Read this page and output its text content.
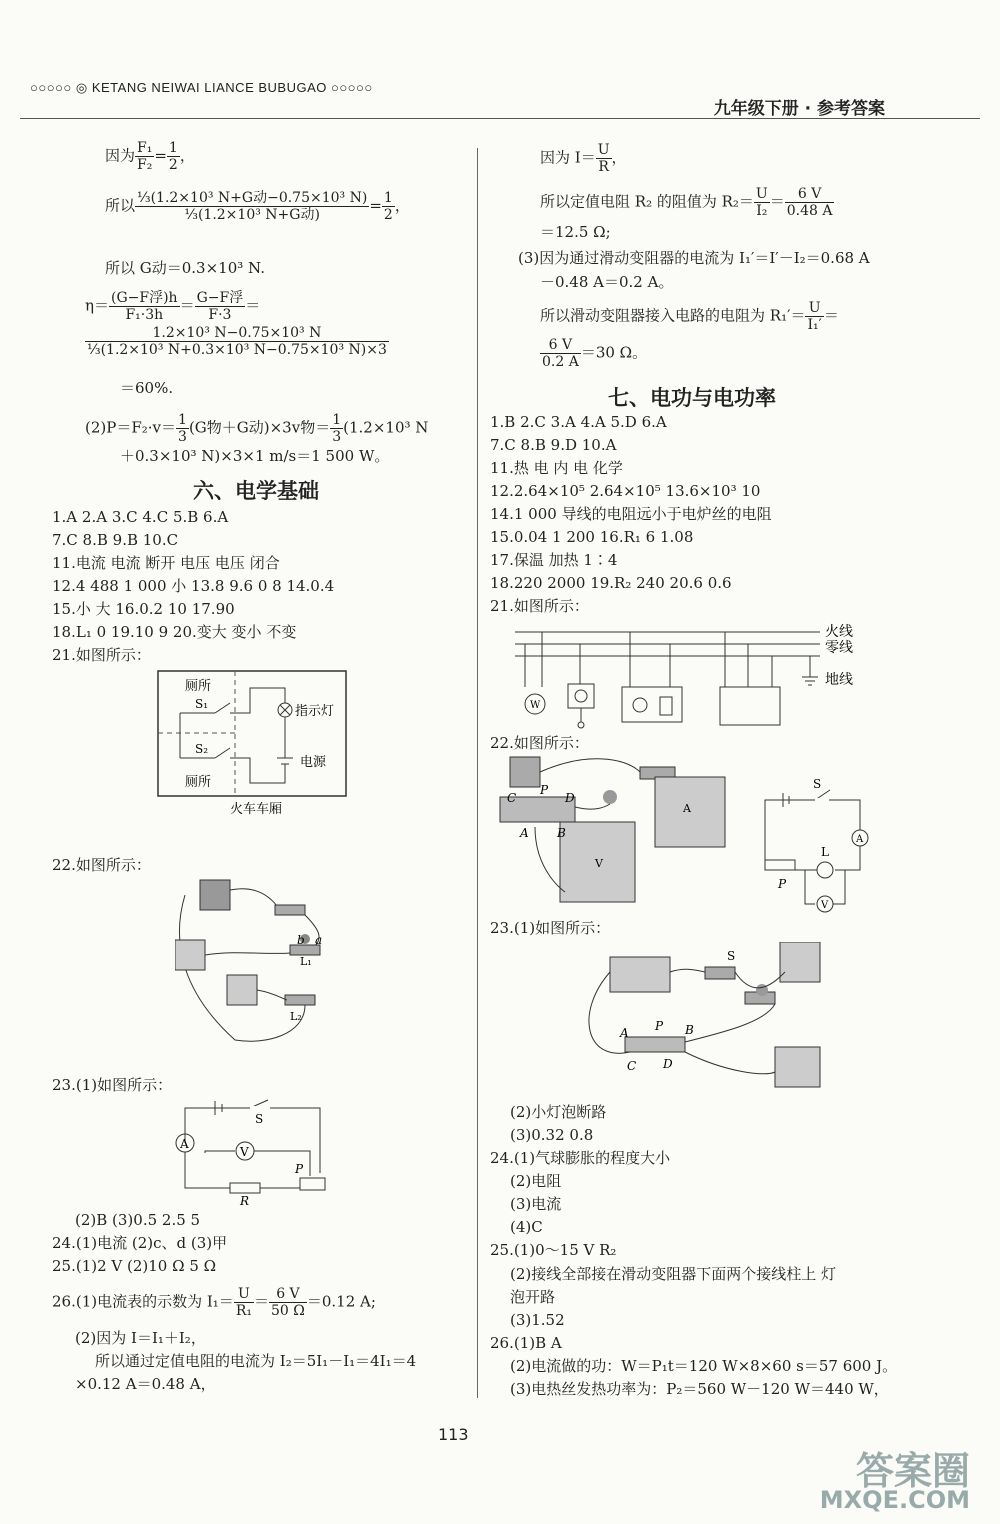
○○○○○ ◎ KETANG NEIWAI LIANCE BUBUGAO ○○○○○
九年级下册 · 参考答案
因为 $\frac{\text{F₁}}{\text{F₂}} = \frac{1}{2}$ ，
所以 $\frac{\text{⅓(1.2×10³ N+G动−0.75×10³ N)}}{\text{⅓(1.2×10³ N+G动)}} = \frac{1}{2}$ ，
所以 G动＝0.3×10³ N.
$\eta= \frac{\text{(G−F浮)h}}{\text{F₁·3h}} = \frac{\text{G−F浮}}{F\cdot 3}$ ＝
$\frac{\text{1.2×10³ N−0.75×10³ N}}{\text{⅓(1.2×10³ N+0.3×10³ N−0.75×10³ N)×3}}$
＝60%.
$(2)P=F_2\cdot v= \frac{1}{3} (G$物＋G动)×3v物＝ $\frac{1}{3} (1.2\times 10^3$ N
＋0.3×10³ N)×3×1 m/s＝1 500 W。
六、电学基础
1.A 2.A 3.C 4.C 5.B 6.A
7.C 8.B 9.B 10.C
11.电流 电流 断开 电压 电压 闭合
12.4 488 1 000 小 13.8 9.6 0 8 14.0.4
15.小 大 16.0.2 10 17.90
18.L₁ 0 19.10 9 20.变大 变小 不变
21.如图所示：
厕所
S₁
S₂
厕所
指示灯
电源
火车车厢
22.如图所示：
b a
L₁
L₂
23.(1)如图所示：
S
A
V
P
R
(2)B (3)0.5 2.5 5
24.(1)电流 (2)c、d (3)甲
25.(1)2 V (2)10 Ω 5 Ω
26.(1)电流表的示数为 $I_1= \frac{U}{\text{R₁}} = \frac{6 V}{50 \Omega} =0.12$ A;
(2)因为 I＝I₁＋I₂，
所以通过定值电阻的电流为 I₂＝5I₁－I₁＝4I₁＝4
×0.12 A＝0.48 A，
因为 $I= \frac{U}{R}$ ，
所以定值电阻 R₂ 的阻值为 $R_2= \frac{U}{\text{I₂}} = \frac{6 V}{0.48 A}$
＝12.5 Ω;
(3)因为通过滑动变阻器的电流为 I₁′＝I′－I₂＝0.68 A
－0.48 A＝0.2 A。
所以滑动变阻器接入电路的电阻为 $R_1'= \frac{U}{\text{I₁′}}$ ＝
$\frac{6 V}{0.2 A} =30$ Ω。
七、电功与电功率
1.B 2.C 3.A 4.A 5.D 6.A
7.C 8.B 9.D 10.A
11.热 电 内 电 化学
12.2.64×10⁵ 2.64×10⁵ 13.6×10³ 10
14.1 000 导线的电阻远小于电炉丝的电阻
15.0.04 1 200 16.R₁ 6 1.08
17.保温 加热 1∶4
18.220 2000 19.R₂ 240 20.6 0.6
21.如图所示：
W
火线
零线
地线
22.如图所示：
C
P
D
A B
A
V
S
L
P
A
V
23.(1)如图所示：
S
A P B
C D
(2)小灯泡断路
(3)0.32 0.8
24.(1)气球膨胀的程度大小
(2)电阻
(3)电流
(4)C
25.(1)0～15 V R₂
(2)接线全部接在滑动变阻器下面两个接线柱上 灯
泡开路
(3)1.52
26.(1)B A
(2)电流做的功：W＝P₁t＝120 W×8×60 s＝57 600 J。
(3)电热丝发热功率为：P₂＝560 W－120 W＝440 W，
113
答案圈
MXQE.COM
